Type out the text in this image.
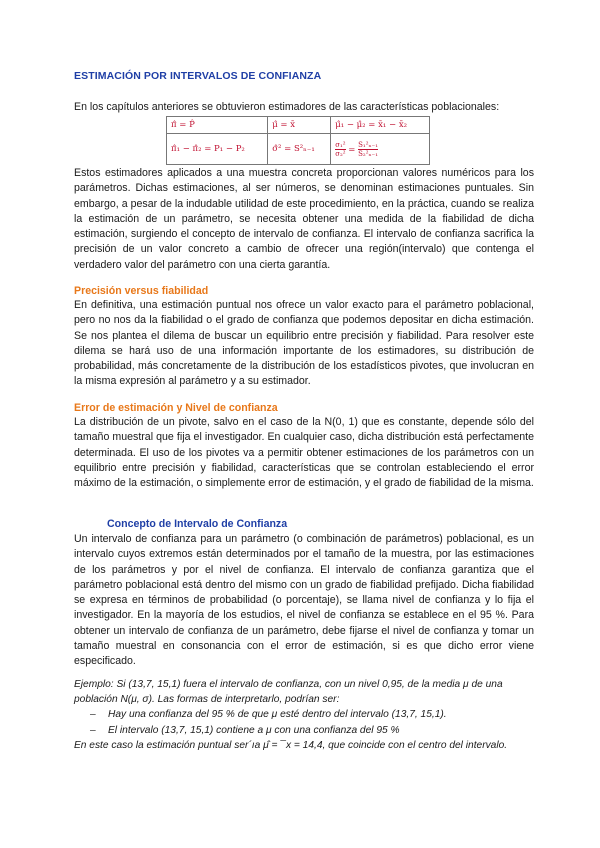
ESTIMACIÓN POR INTERVALOS DE CONFIANZA
En los capítulos anteriores se obtuvieron estimadores de las características poblacionales:
π̂ = P̂	μ̂ = x̄	μ̂₁ − μ̂₂ = x̄₁ − x̄₂
π̂₁ − π̂₂ = P₁ − P₂	σ̂² = S²ₙ₋₁	$\frac{\text{σ₁²}}{\text{σ₂²}} = \frac{\text{S₁²ₙ₋₁}}{\text{S₂²ₙ₋₁}}$
Estos estimadores aplicados a una muestra concreta proporcionan valores numéricos para los parámetros. Dichas estimaciones, al ser números, se denominan estimaciones puntuales. Sin embargo, a pesar de la indudable utilidad de este procedimiento, en la práctica, cuando se realiza la estimación de un parámetro, se necesita obtener una medida de la fiabilidad de dicha estimación, surgiendo el concepto de intervalo de confianza. El intervalo de confianza sacrifica la precisión de un valor concreto a cambio de ofrecer una región(intervalo) que contenga el verdadero valor del parámetro con una cierta garantía.
Precisión versus fiabilidad
En definitiva, una estimación puntual nos ofrece un valor exacto para el parámetro poblacional, pero no nos da la fiabilidad o el grado de confianza que podemos depositar en dicha estimación. Se nos plantea el dilema de buscar un equilibrio entre precisión y fiabilidad. Para resolver este dilema se hará uso de una información importante de los estimadores, su distribución de probabilidad, más concretamente de la distribución de los estadísticos pivotes, que involucran en la misma expresión al parámetro y a su estimador.
Error de estimación y Nivel de confianza
La distribución de un pivote, salvo en el caso de la N(0, 1) que es constante, depende sólo del tamaño muestral que fija el investigador. En cualquier caso, dicha distribución está perfectamente determinada. El uso de los pivotes va a permitir obtener estimaciones de los parámetros con un equilibrio entre precisión y fiabilidad, características que se controlan estableciendo el error máximo de la estimación, o simplemente error de estimación, y el grado de fiabilidad de la misma.
Concepto de Intervalo de Confianza
Un intervalo de confianza para un parámetro (o combinación de parámetros) poblacional, es un intervalo cuyos extremos están determinados por el tamaño de la muestra, por las estimaciones de los parámetros y por el nivel de confianza. El intervalo de confianza garantiza que el parámetro poblacional está dentro del mismo con un grado de fiabilidad prefijado. Dicha fiabilidad se expresa en términos de probabilidad (o porcentaje), se llama nivel de confianza y lo fija el investigador. En la mayoría de los estudios, el nivel de confianza se establece en el 95 %. Para obtener un intervalo de confianza de un parámetro, debe fijarse el nivel de confianza y tomar un tamaño muestral en consonancia con el error de estimación, si es que dicho error viene especificado.
Ejemplo: Si (13,7, 15,1) fuera el intervalo de confianza, con un nivel 0,95, de la media μ de una población N(μ, σ). Las formas de interpretarlo, podrían ser:
– Hay una confianza del 95 % de que μ esté dentro del intervalo (13,7, 15,1).
– El intervalo (13,7, 15,1) contiene a μ con una confianza del 95 %
En este caso la estimación puntual ser´ıa μ̂ = ¯x = 14,4, que coincide con el centro del intervalo.
